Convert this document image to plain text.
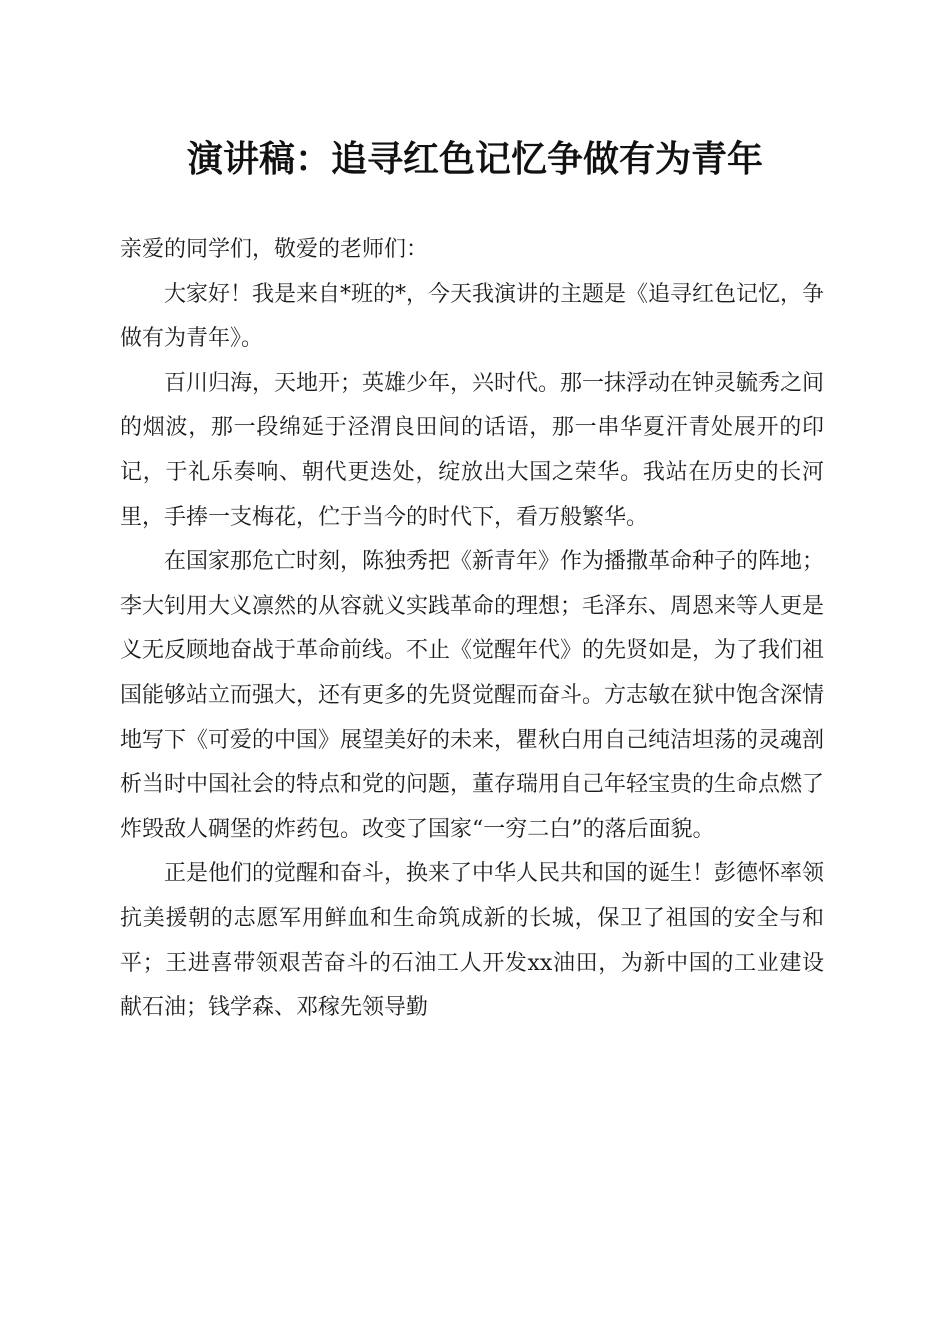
演讲稿：追寻红色记忆争做有为青年

亲爱的同学们，敬爱的老师们：

大家好！我是来自*班的*，今天我演讲的主题是《追寻红色记忆，争做有为青年》。

百川归海，天地开；英雄少年，兴时代。那一抹浮动在钟灵毓秀之间的烟波，那一段绵延于泾渭良田间的话语，那一串华夏汗青处展开的印记，于礼乐奏响、朝代更迭处，绽放出大国之荣华。我站在历史的长河里，手捧一支梅花，伫于当今的时代下，看万般繁华。

在国家那危亡时刻，陈独秀把《新青年》作为播撒革命种子的阵地；李大钊用大义凛然的从容就义实践革命的理想；毛泽东、周恩来等人更是义无反顾地奋战于革命前线。不止《觉醒年代》的先贤如是，为了我们祖国能够站立而强大，还有更多的先贤觉醒而奋斗。方志敏在狱中饱含深情地写下《可爱的中国》展望美好的未来，瞿秋白用自己纯洁坦荡的灵魂剖析当时中国社会的特点和党的问题，董存瑞用自己年轻宝贵的生命点燃了炸毁敌人碉堡的炸药包。改变了国家“一穷二白”的落后面貌。

正是他们的觉醒和奋斗，换来了中华人民共和国的诞生！彭德怀率领抗美援朝的志愿军用鲜血和生命筑成新的长城，保卫了祖国的安全与和平；王进喜带领艰苦奋斗的石油工人开发xx油田，为新中国的工业建设献石油；钱学森、邓稼先领导勤
